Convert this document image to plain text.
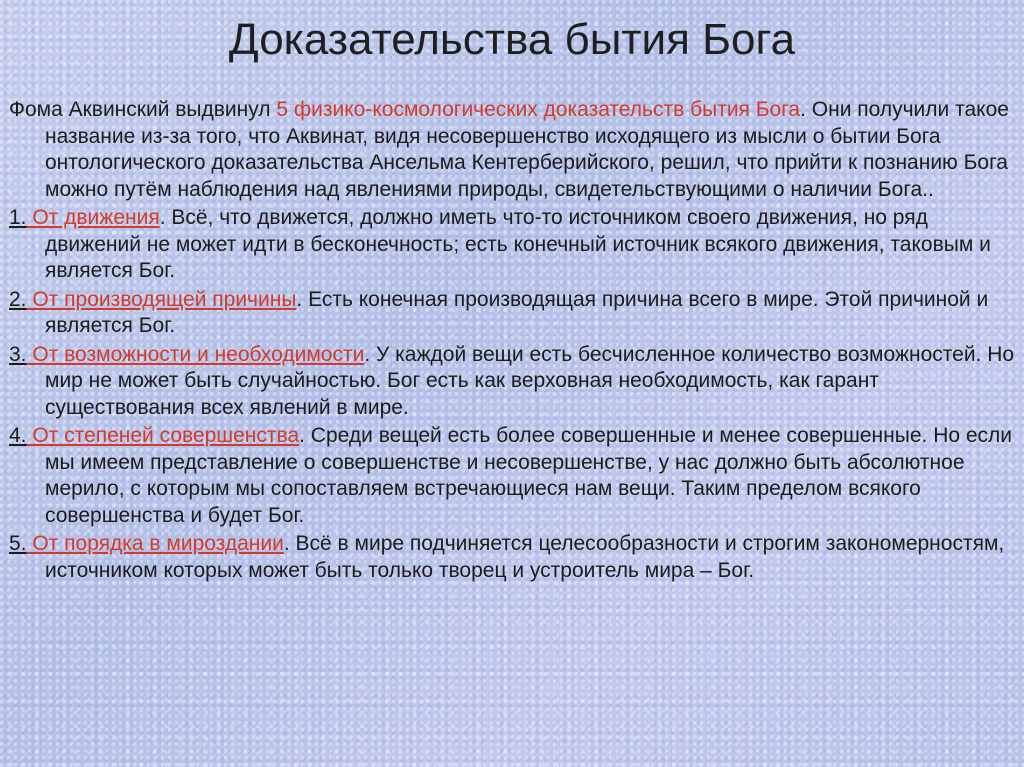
Доказательства бытия Бога

Фома Аквинский выдвинул 5 физико-космологических доказательств бытия Бога. Они получили такое название из-за того, что Аквинат, видя несовершенство исходящего из мысли о бытии Бога онтологического доказательства Ансельма Кентерберийского, решил, что прийти к познанию Бога можно путём наблюдения над явлениями природы, свидетельствующими о наличии Бога..

1. От движения. Всё, что движется, должно иметь что-то источником своего движения, но ряд движений не может идти в бесконечность; есть конечный источник всякого движения, таковым и является Бог.

2. От производящей причины. Есть конечная производящая причина всего в мире. Этой причиной и является Бог.

3. От возможности и необходимости. У каждой вещи есть бесчисленное количество возможностей. Но мир не может быть случайностью. Бог есть как верховная необходимость, как гарант существования всех явлений в мире.

4. От степеней совершенства. Среди вещей есть более совершенные и менее совершенные. Но если мы имеем представление о совершенстве и несовершенстве, у нас должно быть абсолютное мерило, с которым мы сопоставляем встречающиеся нам вещи. Таким пределом всякого совершенства и будет Бог.

5. От порядка в мироздании. Всё в мире подчиняется целесообразности и строгим закономерностям, источником которых может быть только творец и устроитель мира – Бог.
